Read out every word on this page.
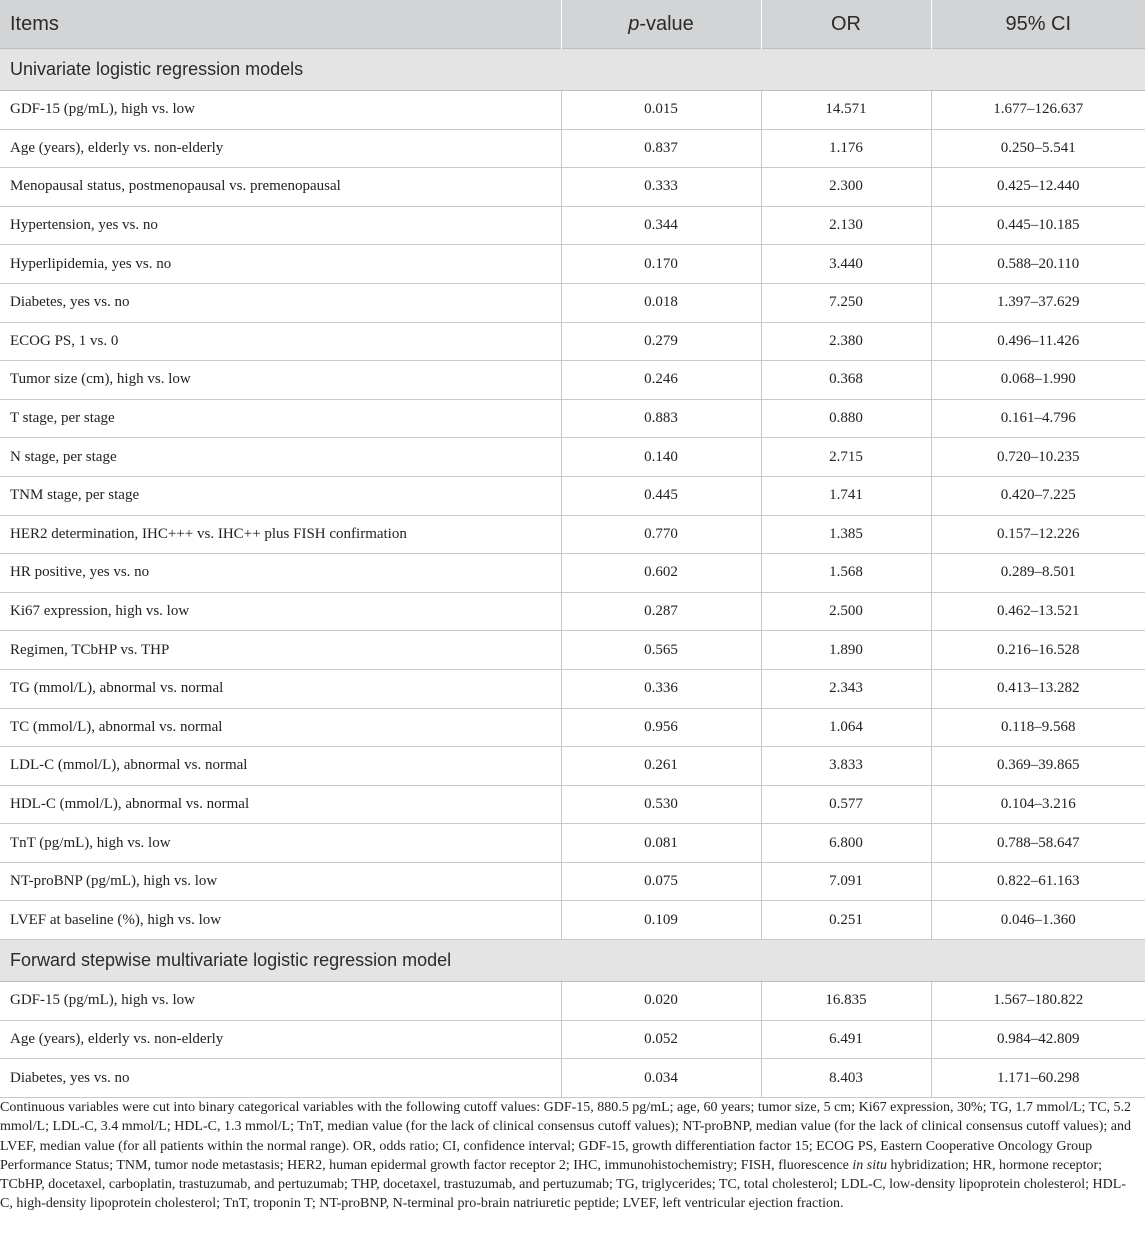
Items	p-value	OR	95% CI
Univariate logistic regression models			
GDF-15 (pg/mL), high vs. low	0.015	14.571	1.677–126.637
Age (years), elderly vs. non-elderly	0.837	1.176	0.250–5.541
Menopausal status, postmenopausal vs. premenopausal	0.333	2.300	0.425–12.440
Hypertension, yes vs. no	0.344	2.130	0.445–10.185
Hyperlipidemia, yes vs. no	0.170	3.440	0.588–20.110
Diabetes, yes vs. no	0.018	7.250	1.397–37.629
ECOG PS, 1 vs. 0	0.279	2.380	0.496–11.426
Tumor size (cm), high vs. low	0.246	0.368	0.068–1.990
T stage, per stage	0.883	0.880	0.161–4.796
N stage, per stage	0.140	2.715	0.720–10.235
TNM stage, per stage	0.445	1.741	0.420–7.225
HER2 determination, IHC+++ vs. IHC++ plus FISH confirmation	0.770	1.385	0.157–12.226
HR positive, yes vs. no	0.602	1.568	0.289–8.501
Ki67 expression, high vs. low	0.287	2.500	0.462–13.521
Regimen, TCbHP vs. THP	0.565	1.890	0.216–16.528
TG (mmol/L), abnormal vs. normal	0.336	2.343	0.413–13.282
TC (mmol/L), abnormal vs. normal	0.956	1.064	0.118–9.568
LDL-C (mmol/L), abnormal vs. normal	0.261	3.833	0.369–39.865
HDL-C (mmol/L), abnormal vs. normal	0.530	0.577	0.104–3.216
TnT (pg/mL), high vs. low	0.081	6.800	0.788–58.647
NT-proBNP (pg/mL), high vs. low	0.075	7.091	0.822–61.163
LVEF at baseline (%), high vs. low	0.109	0.251	0.046–1.360
Forward stepwise multivariate logistic regression model			
GDF-15 (pg/mL), high vs. low	0.020	16.835	1.567–180.822
Age (years), elderly vs. non-elderly	0.052	6.491	0.984–42.809
Diabetes, yes vs. no	0.034	8.403	1.171–60.298

Continuous variables were cut into binary categorical variables with the following cutoff values: GDF-15, 880.5 pg/mL; age, 60 years; tumor size, 5 cm; Ki67 expression, 30%; TG, 1.7 mmol/L; TC, 5.2 mmol/L; LDL-C, 3.4 mmol/L; HDL-C, 1.3 mmol/L; TnT, median value (for the lack of clinical consensus cutoff values); NT-proBNP, median value (for the lack of clinical consensus cutoff values); and LVEF, median value (for all patients within the normal range). OR, odds ratio; CI, confidence interval; GDF-15, growth differentiation factor 15; ECOG PS, Eastern Cooperative Oncology Group Performance Status; TNM, tumor node metastasis; HER2, human epidermal growth factor receptor 2; IHC, immunohistochemistry; FISH, fluorescence in situ hybridization; HR, hormone receptor; TCbHP, docetaxel, carboplatin, trastuzumab, and pertuzumab; THP, docetaxel, trastuzumab, and pertuzumab; TG, triglycerides; TC, total cholesterol; LDL-C, low-density lipoprotein cholesterol; HDL-C, high-density lipoprotein cholesterol; TnT, troponin T; NT-proBNP, N-terminal pro-brain natriuretic peptide; LVEF, left ventricular ejection fraction.
